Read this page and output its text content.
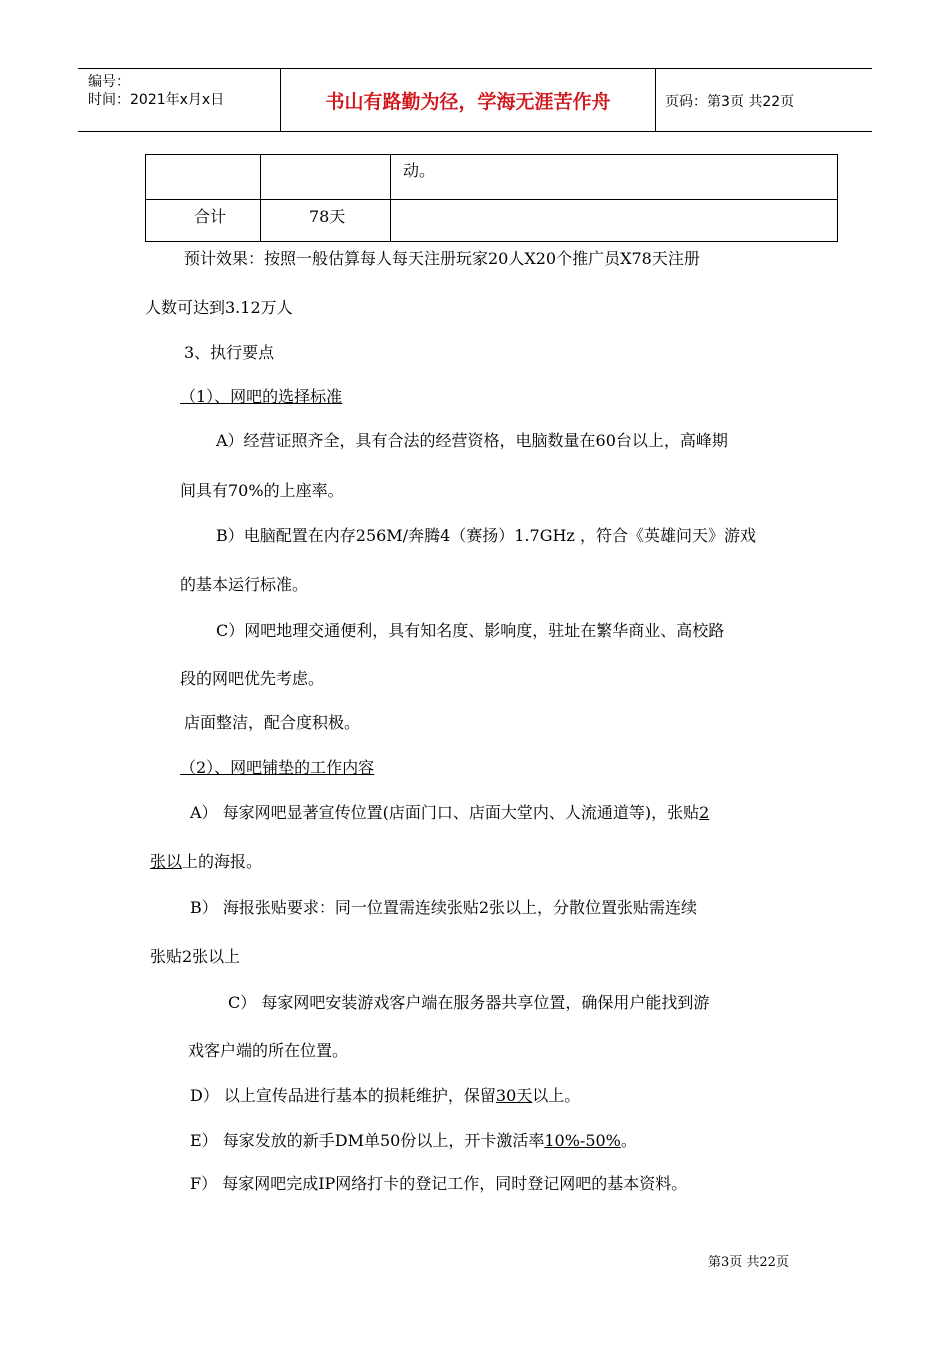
编号：
时间：2021年x月x日	书山有路勤为径，学海无涯苦作舟	页码：第3页 共22页

		动。

合计	78天	

预计效果：按照一般估算每人每天注册玩家20人X20个推广员X78天注册
人数可达到3.12万人
3、执行要点
（1）、网吧的选择标准
A）经营证照齐全，具有合法的经营资格，电脑数量在60台以上，高峰期
间具有70%的上座率。
B）电脑配置在内存256M/奔腾4（赛扬）1.7GHz ，符合《英雄问天》游戏
的基本运行标准。
C）网吧地理交通便利，具有知名度、影响度，驻址在繁华商业、高校路
段的网吧优先考虑。
店面整洁，配合度积极。
（2）、网吧铺垫的工作内容
A） 每家网吧显著宣传位置(店面门口、店面大堂内、人流通道等)，张贴2
张以上的海报。
B） 海报张贴要求：同一位置需连续张贴2张以上，分散位置张贴需连续
张贴2张以上
C） 每家网吧安装游戏客户端在服务器共享位置，确保用户能找到游
戏客户端的所在位置。
D） 以上宣传品进行基本的损耗维护，保留30天以上。
E） 每家发放的新手DM单50份以上，开卡激活率10%-50%。
F） 每家网吧完成IP网络打卡的登记工作，同时登记网吧的基本资料。
第3页 共22页
